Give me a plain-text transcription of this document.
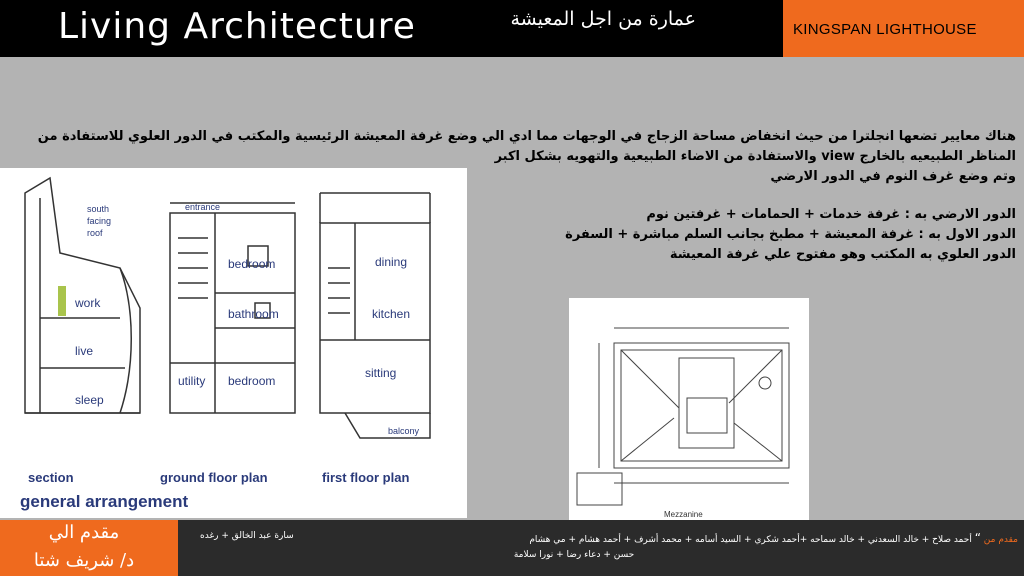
Living Architecture	عمارة من اجل المعيشة	KINGSPAN LIGHTHOUSE

هناك معايير تضعها انجلترا من حيث انخفاض مساحة الزجاج في الوجهات مما ادي الي وضع غرفة المعيشة الرئيسية والمكتب في الدور العلوي للاستفادة من

المناظر الطبيعيه بالخارج view والاستفادة من الاضاء الطبيعية والتهويه بشكل اكبر

وتم وضع غرف النوم في الدور الارضي

الدور الارضي به : غرفة خدمات + الحمامات + غرفتين نوم

الدور الاول به : غرفة المعيشة + مطبخ بجانب السلم مباشرة + السفرة

الدور العلوي به المكتب وهو مفتوح علي غرفة المعيشة

south
facing
roof
work
live
sleep
entrance
bedroom
bathroom
utility bedroom
dining
kitchen
sitting
balcony
section	ground floor plan	first floor plan
general arrangement
Mezzanine
مقدم الي
د/ شريف شتا
مقدم من “ أحمد صلاح + خالد السعدني + خالد سماحه +أحمد شكري + السيد أسامه + محمد أشرف + أحمد هشام + مي هشام
سارة عبد الخالق + رغده
حسن + دعاء رضا + نورا سلامة
